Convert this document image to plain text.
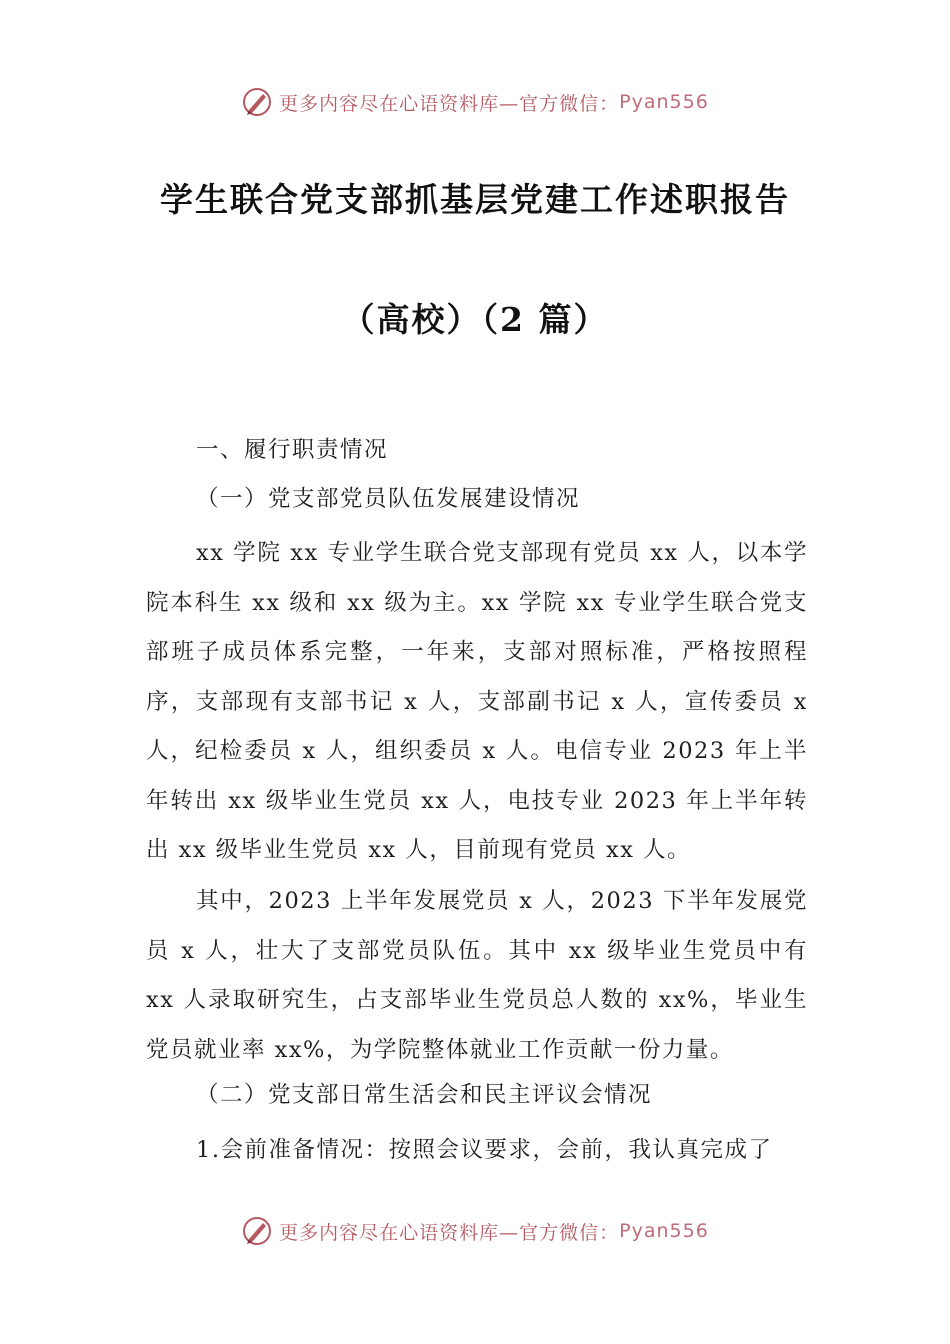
更多内容尽在心语资料库—官方微信： Pyan556
学生联合党支部抓基层党建工作述职报告
（高校）（2 篇）
一、履行职责情况
（一）党支部党员队伍发展建设情况

xx 学院 xx 专业学生联合党支部现有党员 xx 人，以本学院本科生 xx 级和 xx 级为主。xx 学院 xx 专业学生联合党支部班子成员体系完整，一年来，支部对照标准，严格按照程序，支部现有支部书记 x 人，支部副书记 x 人，宣传委员 x 人，纪检委员 x 人，组织委员 x 人。电信专业 2023 年上半年转出 xx 级毕业生党员 xx 人，电技专业 2023 年上半年转出 xx 级毕业生党员 xx 人，目前现有党员 xx 人。

其中，2023 上半年发展党员 x 人，2023 下半年发展党员 x 人，壮大了支部党员队伍。其中 xx 级毕业生党员中有 xx 人录取研究生，占支部毕业生党员总人数的 xx%，毕业生党员就业率 xx%，为学院整体就业工作贡献一份力量。

（二）党支部日常生活会和民主评议会情况

1.会前准备情况：按照会议要求，会前，我认真完成了

更多内容尽在心语资料库—官方微信： Pyan556
